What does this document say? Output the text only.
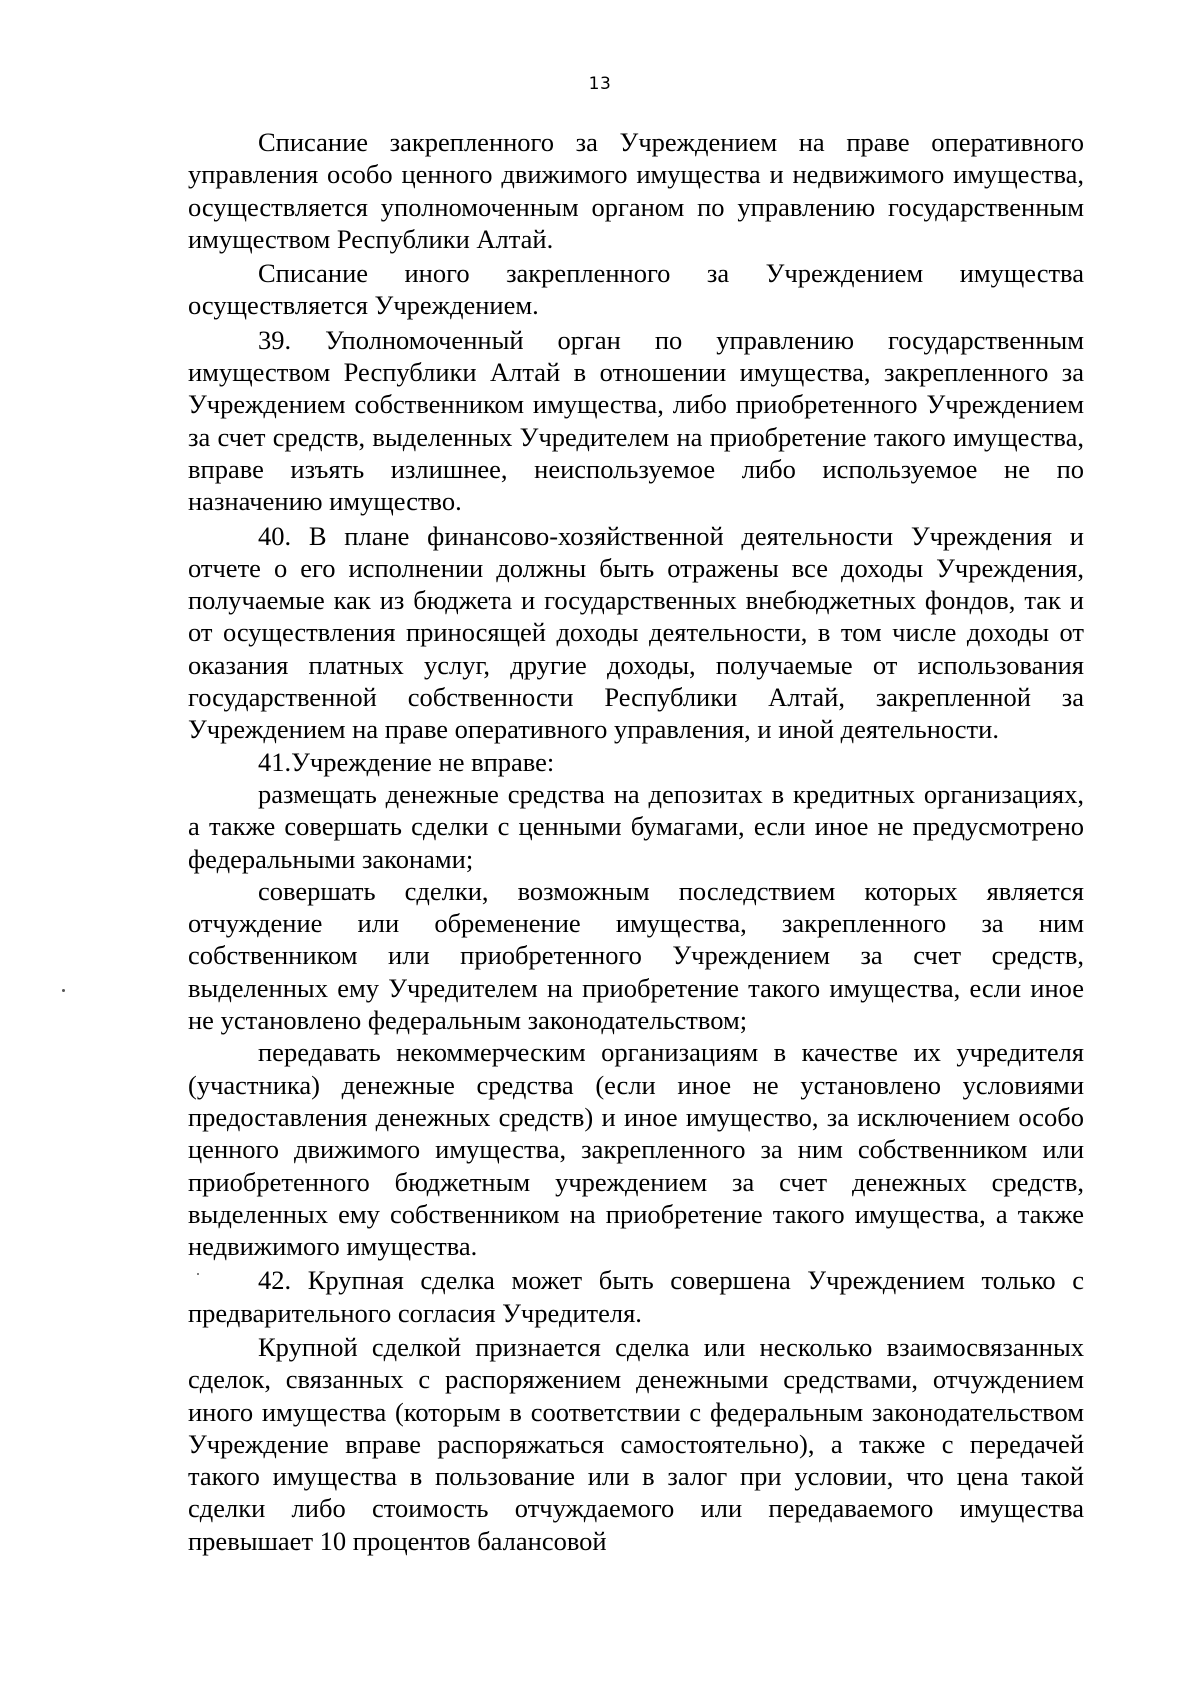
13

Списание закрепленного за Учреждением на праве оперативного управления особо ценного движимого имущества и недвижимого имущества, осуществляется уполномоченным органом по управлению государственным имуществом Республики Алтай.

Списание иного закрепленного за Учреждением имущества осуществляется Учреждением.

39. Уполномоченный орган по управлению государственным имуществом Республики Алтай в отношении имущества, закрепленного за Учреждением собственником имущества, либо приобретенного Учреждением за счет средств, выделенных Учредителем на приобретение такого имущества, вправе изъять излишнее, неиспользуемое либо используемое не по назначению имущество.

40. В плане финансово-хозяйственной деятельности Учреждения и отчете о его исполнении должны быть отражены все доходы Учреждения, получаемые как из бюджета и государственных внебюджетных фондов, так и от осуществления приносящей доходы деятельности, в том числе доходы от оказания платных услуг, другие доходы, получаемые от использования государственной собственности Республики Алтай, закрепленной за Учреждением на праве оперативного управления, и иной деятельности.

41.Учреждение не вправе:

размещать денежные средства на депозитах в кредитных организациях, а также совершать сделки с ценными бумагами, если иное не предусмотрено федеральными законами;

совершать сделки, возможным последствием которых является отчуждение или обременение имущества, закрепленного за ним собственником или приобретенного Учреждением за счет средств, выделенных ему Учредителем на приобретение такого имущества, если иное не установлено федеральным законодательством;

передавать некоммерческим организациям в качестве их учредителя (участника) денежные средства (если иное не установлено условиями предоставления денежных средств) и иное имущество, за исключением особо ценного движимого имущества, закрепленного за ним собственником или приобретенного бюджетным учреждением за счет денежных средств, выделенных ему собственником на приобретение такого имущества, а также недвижимого имущества.

42. Крупная сделка может быть совершена Учреждением только с предварительного согласия Учредителя.

Крупной сделкой признается сделка или несколько взаимосвязанных сделок, связанных с распоряжением денежными средствами, отчуждением иного имущества (которым в соответствии с федеральным законодательством Учреждение вправе распоряжаться самостоятельно), а также с передачей такого имущества в пользование или в залог при условии, что цена такой сделки либо стоимость отчуждаемого или передаваемого имущества превышает 10 процентов балансовой
